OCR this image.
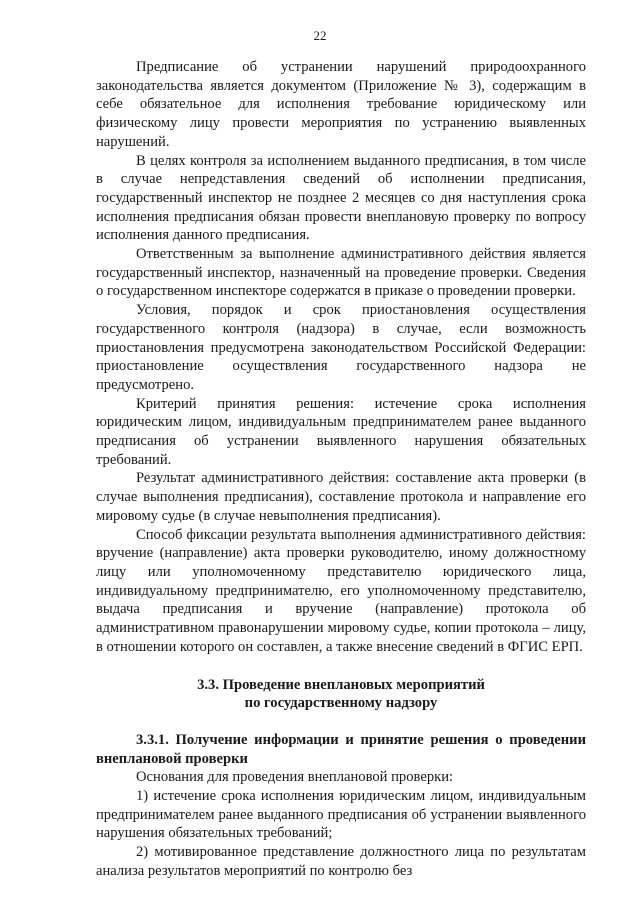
22

Предписание об устранении нарушений природоохранного законодательства является документом (Приложение № 3), содержащим в себе обязательное для исполнения требование юридическому или физическому лицу провести мероприятия по устранению выявленных нарушений.

В целях контроля за исполнением выданного предписания, в том числе в случае непредставления сведений об исполнении предписания, государственный инспектор не позднее 2 месяцев со дня наступления срока исполнения предписания обязан провести внеплановую проверку по вопросу исполнения данного предписания.

Ответственным за выполнение административного действия является государственный инспектор, назначенный на проведение проверки. Сведения о государственном инспекторе содержатся в приказе о проведении проверки.

Условия, порядок и срок приостановления осуществления государственного контроля (надзора) в случае, если возможность приостановления предусмотрена законодательством Российской Федерации: приостановление осуществления государственного надзора не предусмотрено.

Критерий принятия решения: истечение срока исполнения юридическим лицом, индивидуальным предпринимателем ранее выданного предписания об устранении выявленного нарушения обязательных требований.

Результат административного действия: составление акта проверки (в случае выполнения предписания), составление протокола и направление его мировому судье (в случае невыполнения предписания).

Способ фиксации результата выполнения административного действия: вручение (направление) акта проверки руководителю, иному должностному лицу или уполномоченному представителю юридического лица, индивидуальному предпринимателю, его уполномоченному представителю, выдача предписания и вручение (направление) протокола об административном правонарушении мировому судье, копии протокола – лицу, в отношении которого он составлен, а также внесение сведений в ФГИС ЕРП.

3.3. Проведение внеплановых мероприятий
по государственному надзору

3.3.1. Получение информации и принятие решения о проведении внеплановой проверки

Основания для проведения внеплановой проверки:

1) истечение срока исполнения юридическим лицом, индивидуальным предпринимателем ранее выданного предписания об устранении выявленного нарушения обязательных требований;

2) мотивированное представление должностного лица по результатам анализа результатов мероприятий по контролю без
